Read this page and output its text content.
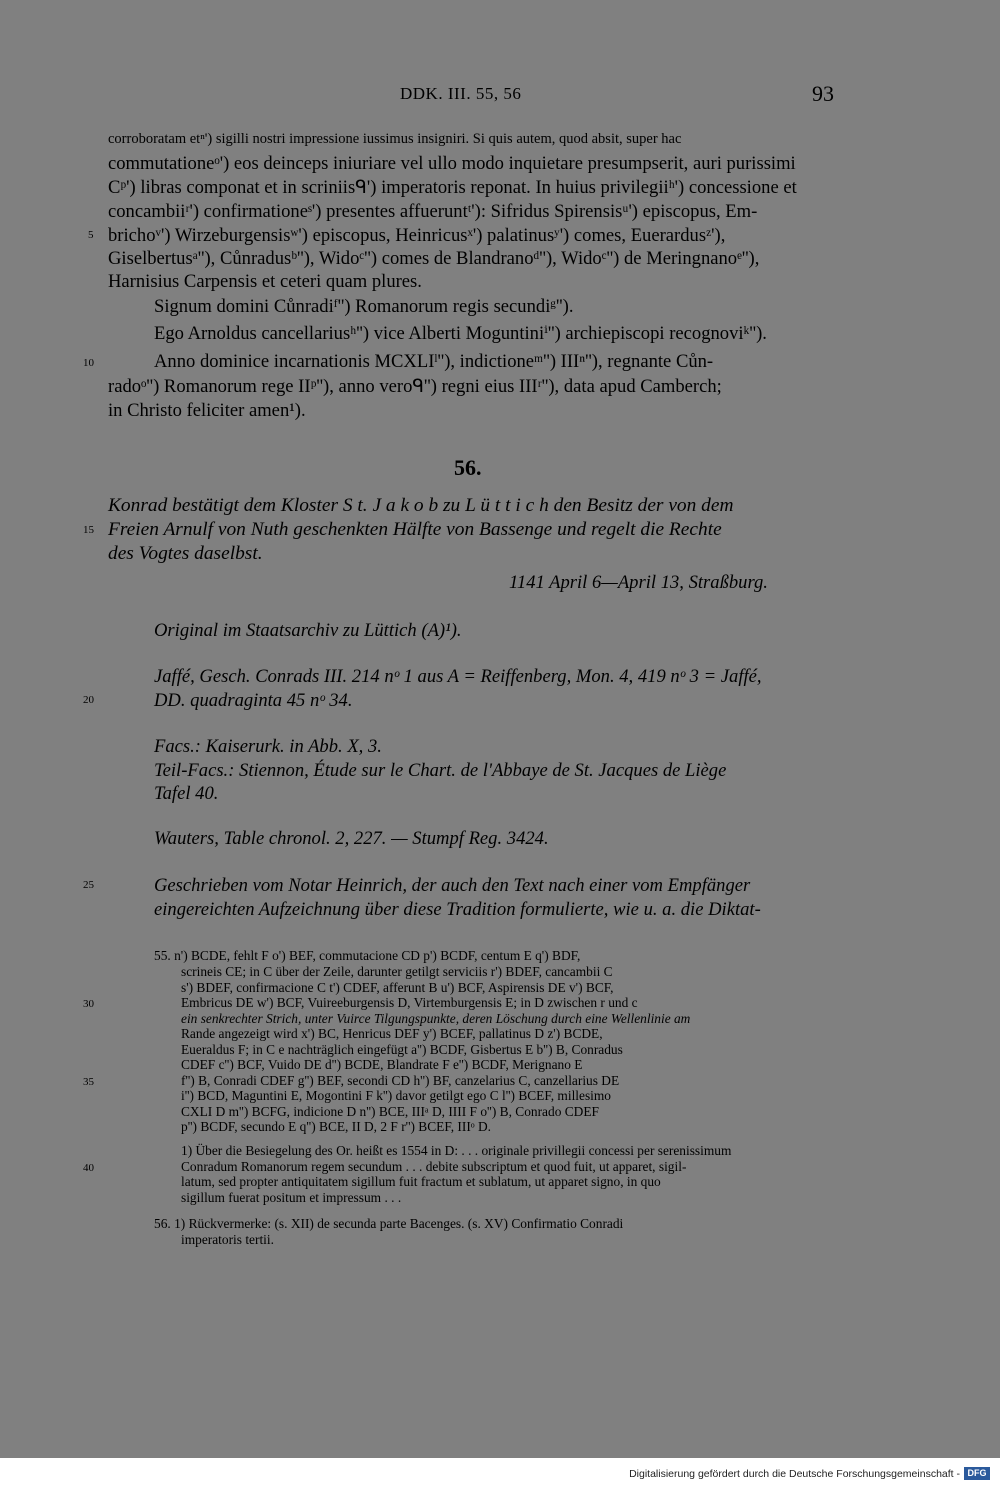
DDK. III. 55, 56	93
corroboratam etⁿ') sigilli nostri impressione iussimus insigniri. Si quis autem, quod absit, super hac
commutationeᵒ') eos deinceps iniuriare vel ullo modo inquietare presumpserit, auri purissimi
Cᵖ') libras componat et in scriniisᑫ') imperatoris reponat. In huius privilegiiʰ') concessione et
concambiiʳ') confirmationeˢ') presentes affueruntᵗ'): Sifridus Spirensisᵘ') episcopus, Em-
brichoᵛ') Wirzeburgensisʷ') episcopus, Heinricusˣ') palatinusʸ') comes, Euerardusᶻ'),
Giselbertusᵃ''), Cůnradusᵇ''), Widoᶜ'') comes de Blandranoᵈ''), Widoᶜ'') de Meringnanoᵉ''),
Harnisius Carpensis et ceteri quam plures.
Signum domini Cůnradiᶠ'') Romanorum regis secundiᵍ'').
Ego Arnoldus cancellariusʰ'') vice Alberti Moguntiniⁱ'') archiepiscopi recognoviᵏ'').
Anno dominice incarnationis MCXLIˡ''), indictioneᵐ'') IIIⁿ''), regnante Cůn-
radoᵒ'') Romanorum rege IIᵖ''), anno veroᑫ'') regni eius IIIʳ''), data apud Camberch;
in Christo feliciter amen¹).
56.
Konrad bestätigt dem Kloster S t. J a k o b zu L ü t t i c h den Besitz der von dem
Freien Arnulf von Nuth geschenkten Hälfte von Bassenge und regelt die Rechte
des Vogtes daselbst.
1141 April 6—April 13, Straßburg.
Original im Staatsarchiv zu Lüttich (A)¹).
Jaffé, Gesch. Conrads III. 214 nᵒ 1 aus A = Reiffenberg, Mon. 4, 419 nᵒ 3 = Jaffé,
DD. quadraginta 45 nᵒ 34.
Facs.: Kaiserurk. in Abb. X, 3.
Teil-Facs.: Stiennon, Étude sur le Chart. de l'Abbaye de St. Jacques de Liège
Tafel 40.
Wauters, Table chronol. 2, 227. — Stumpf Reg. 3424.
Geschrieben vom Notar Heinrich, der auch den Text nach einer vom Empfänger
eingereichten Aufzeichnung über diese Tradition formulierte, wie u. a. die Diktat-
55. n') BCDE, fehlt F o') BEF, commutacione CD p') BCDF, centum E q') BDF,
scrineis CE; in C über der Zeile, darunter getilgt serviciis r') BDEF, cancambii C
s') BDEF, confirmacione C t') CDEF, afferunt B u') BCF, Aspirensis DE v') BCF,
Embricus DE w') BCF, Vuireeburgensis D, Virtemburgensis E; in D zwischen r und c
ein senkrechter Strich, unter Vuirce Tilgungspunkte, deren Löschung durch eine Wellenlinie am
Rande angezeigt wird x') BC, Henricus DEF y') BCEF, pallatinus D z') BCDE,
Eueraldus F; in C e nachträglich eingefügt a'') BCDF, Gisbertus E b'') B, Conradus
CDEF c'') BCF, Vuido DE d'') BCDE, Blandrate F e'') BCDF, Merignano E
f'') B, Conradi CDEF g'') BEF, secondi CD h'') BF, canzelarius C, canzellarius DE
i'') BCD, Maguntini E, Mogontini F k'') davor getilgt ego C l'') BCEF, millesimo
CXLI D m'') BCFG, indicione D n'') BCE, IIIᵃ D, IIII F o'') B, Conrado CDEF
p'') BCDF, secundo E q'') BCE, II D, 2 F r'') BCEF, IIIᵒ D.
1) Über die Besiegelung des Or. heißt es 1554 in D: . . . originale privillegii concessi per serenissimum
Conradum Romanorum regem secundum . . . debite subscriptum et quod fuit, ut apparet, sigil-
latum, sed propter antiquitatem sigillum fuit fractum et sublatum, ut apparet signo, in quo
sigillum fuerat positum et impressum . . .
56. 1) Rückvermerke: (s. XII) de secunda parte Bacenges. (s. XV) Confirmatio Conradi
imperatoris tertii.
5
10
15
20
25
30
35
40
Digitalisierung gefördert durch die Deutsche Forschungsgemeinschaft - DFG
